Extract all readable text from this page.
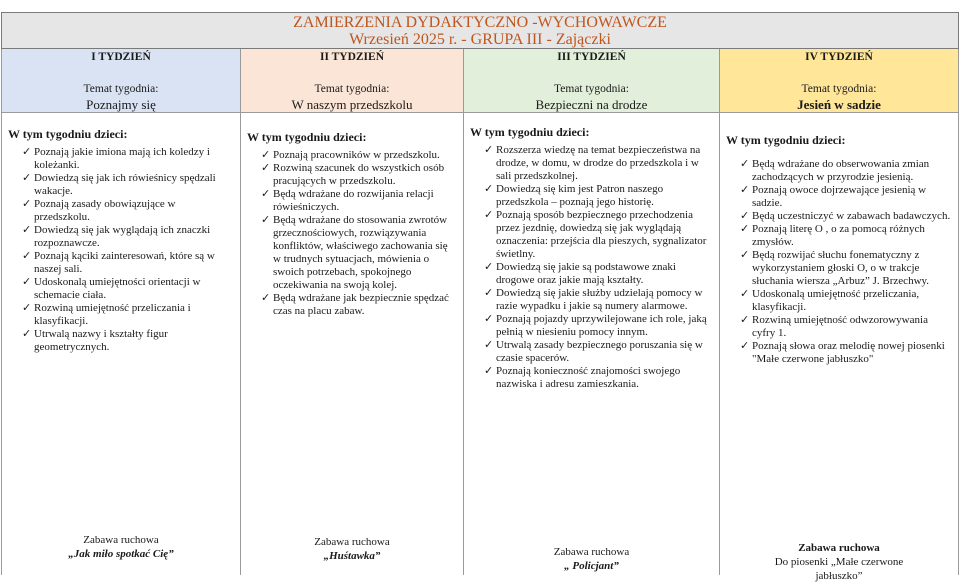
ZAMIERZENIA DYDAKTYCZNO -WYCHOWAWCZE
Wrzesień 2025 r. - GRUPA III - Zajączki
I TYDZIEŃ
Temat tygodnia:
Poznajmy się

W tym tygodniu dzieci:

✓ Poznają jakie imiona mają ich koledzy i koleżanki.
✓ Dowiedzą się jak ich rówieśnicy spędzali wakacje.
✓ Poznają zasady obowiązujące w przedszkolu.
✓ Dowiedzą się jak wyglądają ich znaczki rozpoznawcze.
✓ Poznają kąciki zainteresowań, które są w naszej sali.
✓ Udoskonalą umiejętności orientacji w schemacie ciała.
✓ Rozwiną umiejętność przeliczania i klasyfikacji.
✓ Utrwalą nazwy i kształty figur geometrycznych.
Zabawa ruchowa
„Jak miło spotkać Cię”
II TYDZIEŃ
Temat tygodnia:
W naszym przedszkolu

W tym tygodniu dzieci:

✓ Poznają pracowników w przedszkolu.
✓ Rozwiną szacunek do wszystkich osób pracujących w przedszkolu.
✓ Będą wdrażane do rozwijania relacji rówieśniczych.
✓ Będą wdrażane do stosowania zwrotów grzecznościowych, rozwiązywania konfliktów, właściwego zachowania się w trudnych sytuacjach, mówienia o swoich potrzebach, spokojnego oczekiwania na swoją kolej.
✓ Będą wdrażane jak bezpiecznie spędzać czas na placu zabaw.
Zabawa ruchowa
„Huśtawka”
III TYDZIEŃ
Temat tygodnia:
Bezpieczni na drodze

W tym tygodniu dzieci:

✓ Rozszerza wiedzę na temat bezpieczeństwa na drodze, w domu, w drodze do przedszkola i w sali przedszkolnej.
✓ Dowiedzą się kim jest Patron naszego przedszkola – poznają jego historię.
✓ Poznają sposób bezpiecznego przechodzenia przez jezdnię, dowiedzą się jak wyglądają oznaczenia: przejścia dla pieszych, sygnalizator świetlny.
✓ Dowiedzą się jakie są podstawowe znaki drogowe oraz jakie mają kształty.
✓ Dowiedzą się jakie służby udzielają pomocy w razie wypadku i jakie są numery alarmowe.
✓ Poznają pojazdy uprzywilejowane ich role, jaką pełnią w niesieniu pomocy innym.
✓ Utrwalą zasady bezpiecznego poruszania się w czasie spacerów.
✓ Poznają konieczność znajomości swojego nazwiska i adresu zamieszkania.
Zabawa ruchowa
„ Policjant”
IV TYDZIEŃ
Temat tygodnia:
Jesień w sadzie

W tym tygodniu dzieci:

✓ Będą wdrażane do obserwowania zmian zachodzących w przyrodzie jesienią.
✓ Poznają owoce dojrzewające jesienią w sadzie.
✓ Będą uczestniczyć w zabawach badawczych.
✓ Poznają literę O , o za pomocą różnych zmysłów.
✓ Będą rozwijać słuchu fonematyczny z wykorzystaniem głoski O, o w trakcje słuchania wiersza „Arbuz” J. Brzechwy.
✓ Udoskonalą umiejętność przeliczania, klasyfikacji.
✓ Rozwiną umiejętność odwzorowywania cyfry 1.
✓ Poznają słowa oraz melodię nowej piosenki "Małe czerwone jabłuszko"
Zabawa ruchowa
Do piosenki „Małe czerwone
jabłuszko”
